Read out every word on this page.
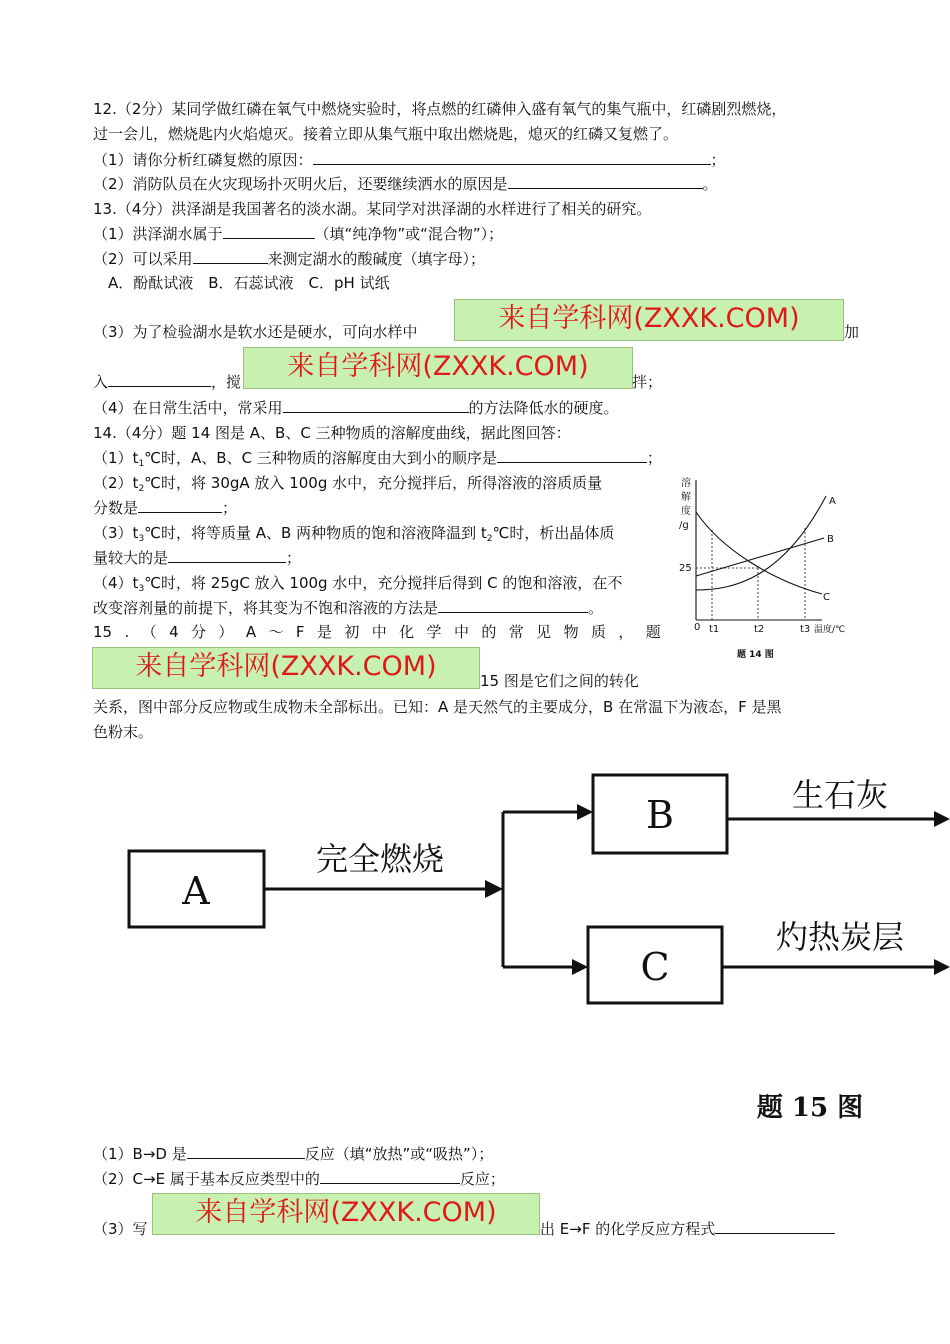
12.（2分）某同学做红磷在氧气中燃烧实验时，将点燃的红磷伸入盛有氧气的集气瓶中，红磷剧烈燃烧，
过一会儿，燃烧匙内火焰熄灭。接着立即从集气瓶中取出燃烧匙，熄灭的红磷又复燃了。
（1）请你分析红磷复燃的原因：	；
（2）消防队员在火灾现场扑灭明火后，还要继续洒水的原因是	。
13.（4分）洪泽湖是我国著名的淡水湖。某同学对洪泽湖的水样进行了相关的研究。
（1）洪泽湖水属于	（填“纯净物”或“混合物”）；
（2）可以采用	来测定湖水的酸碱度（填字母）；
A．酚酞试液　B．石蕊试液　C．pH 试纸
（3）为了检验湖水是软水还是硬水，可向水样中	来自学科网(ZXXK.COM)	加
入	，搅	来自学科网(ZXXK.COM)	拌；
（4）在日常生活中，常采用	的方法降低水的硬度。
14.（4分）题 14 图是 A、B、C 三种物质的溶解度曲线，据此图回答：
$(1)t_1℃$时，A、B、C 三种物质的溶解度由大到小的顺序是	；
$(2)t_2℃$时，将 30gA 放入 100g 水中，充分搅拌后，所得溶液的溶质质量
分数是	；
$(3)t_3℃$时，将等质量 A、B 两种物质的饱和溶液降温到 $t_2℃$时，析出晶体质
量较大的是	；
$(4)t_3℃$时，将 25gC 放入 100g 水中，充分搅拌后得到 C 的饱和溶液，在不
改变溶剂量的前提下，将其变为不饱和溶液的方法是	。
溶
解
度
/g
25
0 t1	t2	t3 温度/℃
A
B
C
题 14 图
15 . （ 4 分 ） A ～ F 是 初 中 化 学 中 的 常 见 物 质 ， 题
来自学科网(ZXXK.COM)	15 图是它们之间的转化
关系，图中部分反应物或生成物未全部标出。已知：A 是天然气的主要成分，B 在常温下为液态，F 是黑
色粉末。
A
B
C
完全燃烧
生石灰
灼热炭层
题 15 图
（1）B→D 是	反应（填“放热”或“吸热”）；
（2）C→E 属于基本反应类型中的	反应；
（3）写
来自学科网(ZXXK.COM)
出 E→F 的化学反应方程式
